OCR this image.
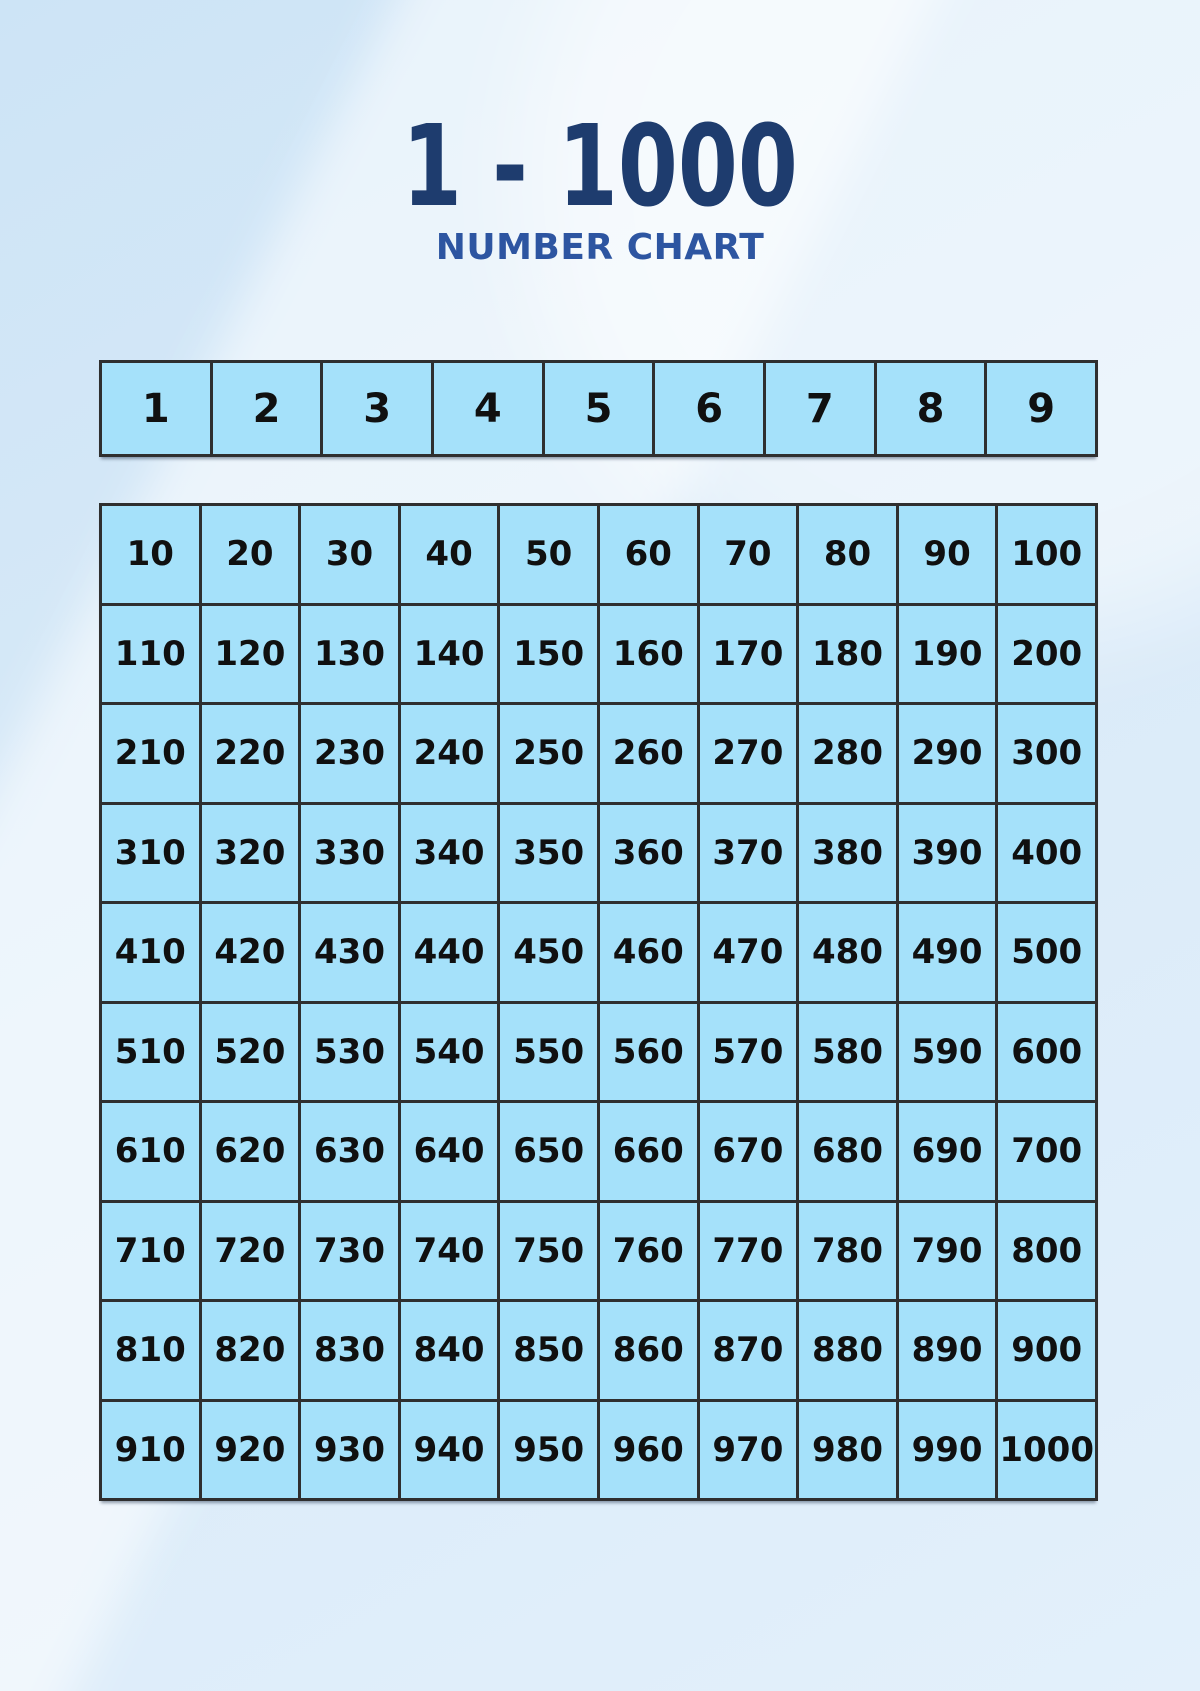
1 - 1000
NUMBER CHART
1	2	3	4	5	6	7	8	9
10	20	30	40	50	60	70	80	90	100
110 120 130 140 150 160 170 180 190 200
210 220 230 240 250 260 270 280 290 300
310 320 330 340 350 360 370 380 390 400
410 420 430 440 450 460 470 480 490 500
510 520 530 540 550 560 570 580 590 600
610 620 630 640 650 660 670 680 690 700
710 720 730 740 750 760 770 780 790 800
810 820 830 840 850 860 870 880 890 900
910 920 930 940 950 960 970 980 990 1000
